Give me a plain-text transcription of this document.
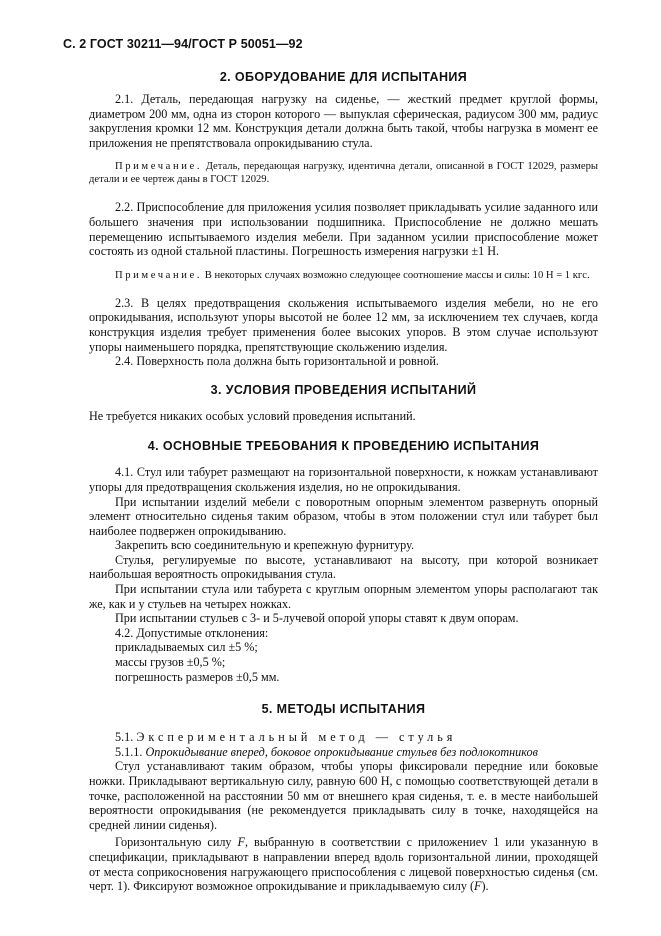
С. 2 ГОСТ 30211—94/ГОСТ Р 50051—92
2. ОБОРУДОВАНИЕ ДЛЯ ИСПЫТАНИЯ

2.1. Деталь, передающая нагрузку на сиденье, — жесткий предмет круглой формы, диаметром 200 мм, одна из сторон которого — выпуклая сферическая, радиусом 300 мм, радиус закругления кромки 12 мм. Конструкция детали должна быть такой, чтобы нагрузка в момент ее приложения не препятствовала опрокидыванию стула.

Примечание. Деталь, передающая нагрузку, идентична детали, описанной в ГОСТ 12029, размеры детали и ее чертеж даны в ГОСТ 12029.

2.2. Приспособление для приложения усилия позволяет прикладывать усилие заданного или большего значения при использовании подшипника. Приспособление не должно мешать перемещению испытываемого изделия мебели. При заданном усилии приспособление может состоять из одной стальной пластины. Погрешность измерения нагрузки ±1 Н.

Примечание. В некоторых случаях возможно следующее соотношение массы и силы: 10 Н = 1 кгс.

2.3. В целях предотвращения скольжения испытываемого изделия мебели, но не его опрокидывания, используют упоры высотой не более 12 мм, за исключением тех случаев, когда конструкция изделия требует применения более высоких упоров. В этом случае используют упоры наименьшего порядка, препятствующие скольжению изделия.

2.4. Поверхность пола должна быть горизонтальной и ровной.

3. УСЛОВИЯ ПРОВЕДЕНИЯ ИСПЫТАНИЙ

Не требуется никаких особых условий проведения испытаний.

4. ОСНОВНЫЕ ТРЕБОВАНИЯ К ПРОВЕДЕНИЮ ИСПЫТАНИЯ

4.1. Стул или табурет размещают на горизонтальной поверхности, к ножкам устанавливают упоры для предотвращения скольжения изделия, но не опрокидывания.

При испытании изделий мебели с поворотным опорным элементом развернуть опорный элемент относительно сиденья таким образом, чтобы в этом положении стул или табурет был наиболее подвержен опрокидыванию.

Закрепить всю соединительную и крепежную фурнитуру.

Стулья, регулируемые по высоте, устанавливают на высоту, при которой возникает наибольшая вероятность опрокидывания стула.

При испытании стула или табурета с круглым опорным элементом упоры располагают так же, как и у стульев на четырех ножках.

При испытании стульев с 3- и 5-лучевой опорой упоры ставят к двум опорам.

4.2. Допустимые отклонения:

прикладываемых сил ±5 %;

массы грузов ±0,5 %;

погрешность размеров ±0,5 мм.

5. МЕТОДЫ ИСПЫТАНИЯ

5.1. Экспериментальный метод — стулья

5.1.1. Опрокидывание вперед, боковое опрокидывание стульев без подлокотников

Стул устанавливают таким образом, чтобы упоры фиксировали передние или боковые ножки. Прикладывают вертикальную силу, равную 600 Н, с помощью соответствующей детали в точке, расположенной на расстоянии 50 мм от внешнего края сиденья, т. е. в месте наибольшей вероятности опрокидывания (не рекомендуется прикладывать силу в точке, находящейся на средней линии сиденья).

Горизонтальную силу F, выбранную в соответствии с приложениеv 1 или указанную в спецификации, прикладывают в направлении вперед вдоль горизонтальной линии, проходящей от места соприкосновения нагружающего приспособления с лицевой поверхностью сиденья (см. черт. 1). Фиксируют возможное опрокидывание и прикладываемую силу (F).
